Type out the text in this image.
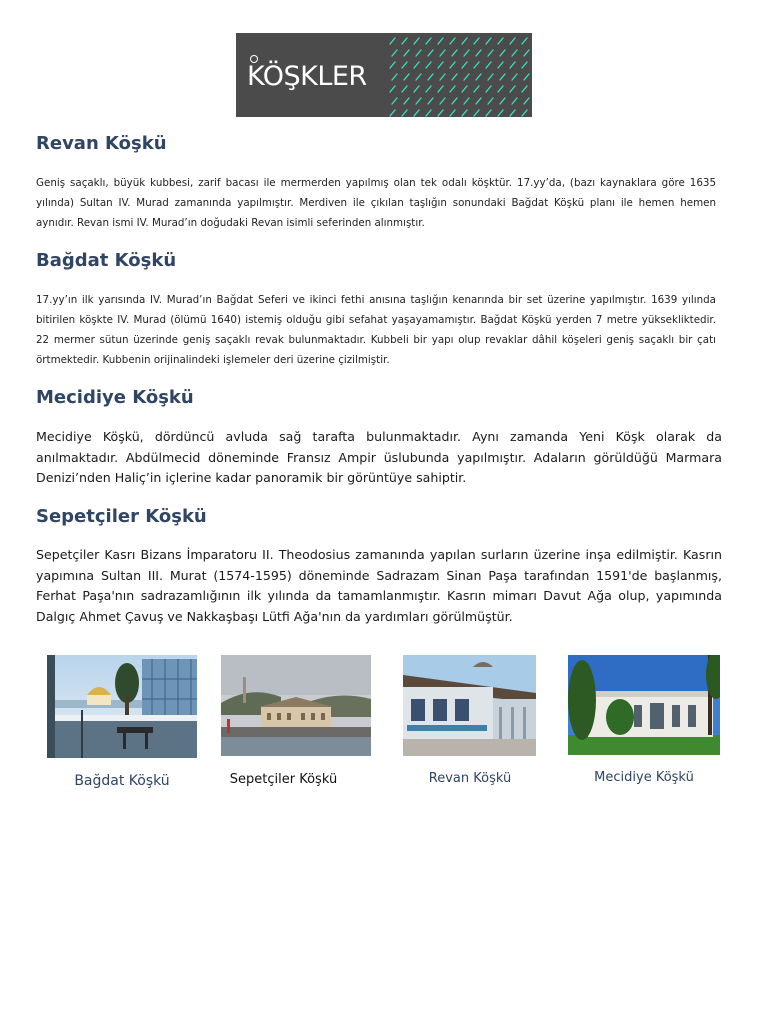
KÖŞKLER
Revan Köşkü

Geniş saçaklı, büyük kubbesi, zarif bacası ile mermerden yapılmış olan tek odalı köşktür. 17.yy’da, (bazı kaynaklara göre 1635 yılında) Sultan IV. Murad zamanında yapılmıştır. Merdiven ile çıkılan taşlığın sonundaki Bağdat Köşkü planı ile hemen hemen aynıdır. Revan ismi IV. Murad’ın doğudaki Revan isimli seferinden alınmıştır.

Bağdat Köşkü

17.yy’ın ilk yarısında IV. Murad’ın Bağdat Seferi ve ikinci fethi anısına taşlığın kenarında bir set üzerine yapılmıştır. 1639 yılında bitirilen köşkte IV. Murad (ölümü 1640) istemiş olduğu gibi sefahat yaşayamamıştır. Bağdat Köşkü yerden 7 metre yüksekliktedir. 22 mermer sütun üzerinde geniş saçaklı revak bulunmaktadır. Kubbeli bir yapı olup revaklar dâhil köşeleri geniş saçaklı bir çatı örtmektedir. Kubbenin orijinalindeki işlemeler deri üzerine çizilmiştir.

Mecidiye Köşkü

Mecidiye Köşkü, dördüncü avluda sağ tarafta bulunmaktadır. Aynı zamanda Yeni Köşk olarak da anılmaktadır. Abdülmecid döneminde Fransız Ampir üslubunda yapılmıştır. Adaların görüldüğü Marmara Denizi’nden Haliç’in içlerine kadar panoramik bir görüntüye sahiptir.

Sepetçiler Köşkü

Sepetçiler Kasrı Bizans İmparatoru II. Theodosius zamanında yapılan surların üzerine inşa edilmiştir. Kasrın yapımına Sultan III. Murat (1574-1595) döneminde Sadrazam Sinan Paşa tarafından 1591'de başlanmış, Ferhat Paşa'nın sadrazamlığının ilk yılında da tamamlanmıştır. Kasrın mimarı Davut Ağa olup, yapımında Dalgıç Ahmet Çavuş ve Nakkaşbaşı Lütfi Ağa'nın da yardımları görülmüştür.

Bağdat Köşkü	Sepetçiler Köşkü	Revan Köşkü	Mecidiye Köşkü
